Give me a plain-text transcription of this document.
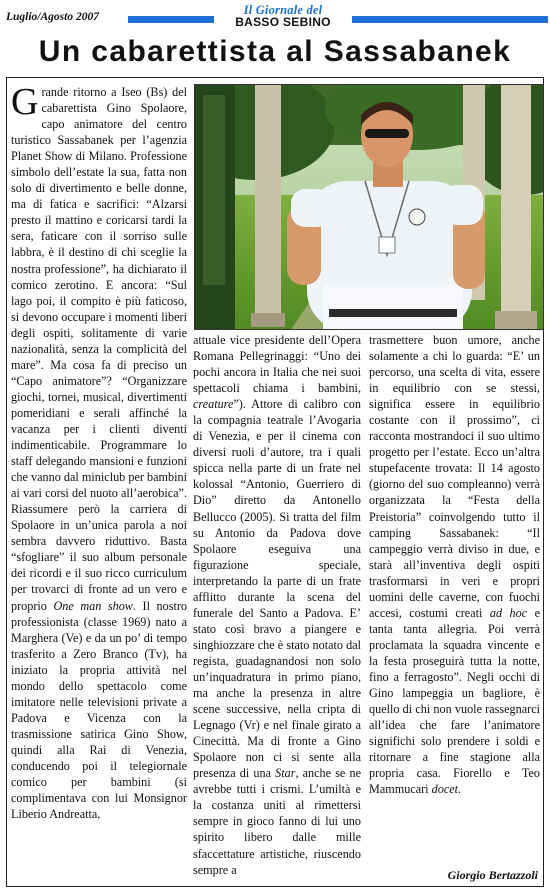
Luglio/Agosto 2007	Il Giornale del
BASSO SEBINO
Un cabarettista al Sassabanek

Grande ritorno a Iseo (Bs) del cabarettista Gino Spolaore, capo animatore del centro turistico Sassabanek per l’agenzia Planet Show di Milano. Professione simbolo dell’estate la sua, fatta non solo di divertimento e belle donne, ma di fatica e sacrifici: “Alzarsi presto il mattino e coricarsi tardi la sera, faticare con il sorriso sulle labbra, è il destino di chi sceglie la nostra professione”, ha dichiarato il comico zerotino. E ancora: “Sul lago poi, il compito è più faticoso, si devono occupare i momenti liberi degli ospiti, solitamente di varie nazionalità, senza la complicità del mare”. Ma cosa fa di preciso un “Capo animatore”? “Organizzare giochi, tornei, musical, divertimenti pomeridiani e serali affinché la vacanza per i clienti diventi indimenticabile. Programmare lo staff delegando mansioni e funzioni che vanno dal miniclub per bambini ai vari corsi del nuoto all’aerobica”. Riassumere però la carriera di Spolaore in un’unica parola a noi sembra davvero riduttivo. Basta “sfogliare” il suo album personale dei ricordi e il suo ricco curriculum per trovarci di fronte ad un vero e proprio One man show. Il nostro professionista (classe 1969) nato a Marghera (Ve) e da un po’ di tempo trasferito a Zero Branco (Tv), ha iniziato la propria attività nel mondo dello spettacolo come imitatore nelle televisioni private a Padova e Vicenza con la trasmissione satirica Gino Show, quindi alla Rai di Venezia, conducendo poi il telegiornale comico per bambini (si complimentava con lui Monsignor Liberio Andreatta,

attuale vice presidente dell’Opera Romana Pellegrinaggi: “Uno dei pochi ancora in Italia che nei suoi spettacoli chiama i bambini, creature”). Attore di calibro con la compagnia teatrale l’Avogaria di Venezia, e per il cinema con diversi ruoli d’autore, tra i quali spicca nella parte di un frate nel kolossal “Antonio, Guerriero di Dio” diretto da Antonello Bellucco (2005). Si tratta del film su Antonio da Padova dove Spolaore eseguiva una figurazione speciale, interpretando la parte di un frate afflitto durante la scena del funerale del Santo a Padova. E’ stato così bravo a piangere e singhiozzare che è stato notato dal regista, guadagnandosi non solo un’inquadratura in primo piano, ma anche la presenza in altre scene successive, nella cripta di Legnago (Vr) e nel finale girato a Cinecittà. Ma di fronte a Gino Spolaore non ci si sente alla presenza di una Star, anche se ne avrebbe tutti i crismi. L’umiltà e la costanza uniti al rimettersi sempre in gioco fanno di lui uno spirito libero dalle mille sfaccettature artistiche, riuscendo sempre a

trasmettere buon umore, anche solamente a chi lo guarda: “E’ un percorso, una scelta di vita, essere in equilibrio con se stessi, significa essere in equilibrio costante con il prossimo”, ci racconta mostrandoci il suo ultimo progetto per l’estate. Ecco un’altra stupefacente trovata: Il 14 agosto (giorno del suo compleanno) verrà organizzata la “Festa della Preistoria” coinvolgendo tutto il camping Sassabanek: “Il campeggio verrà diviso in due, e starà all’inventiva degli ospiti trasformarsi in veri e propri uomini delle caverne, con fuochi accesi, costumi creati ad hoc e tanta tanta allegria. Poi verrà proclamata la squadra vincente e la festa proseguirà tutta la notte, fino a ferragosto”. Negli occhi di Gino lampeggia un bagliore, è quello di chi non vuole rassegnarci all’idea che fare l’animatore significhi solo prendere i soldi e ritornare a fine stagione alla propria casa. Fiorello e Teo Mammucari docet.

Giorgio Bertazzoli
